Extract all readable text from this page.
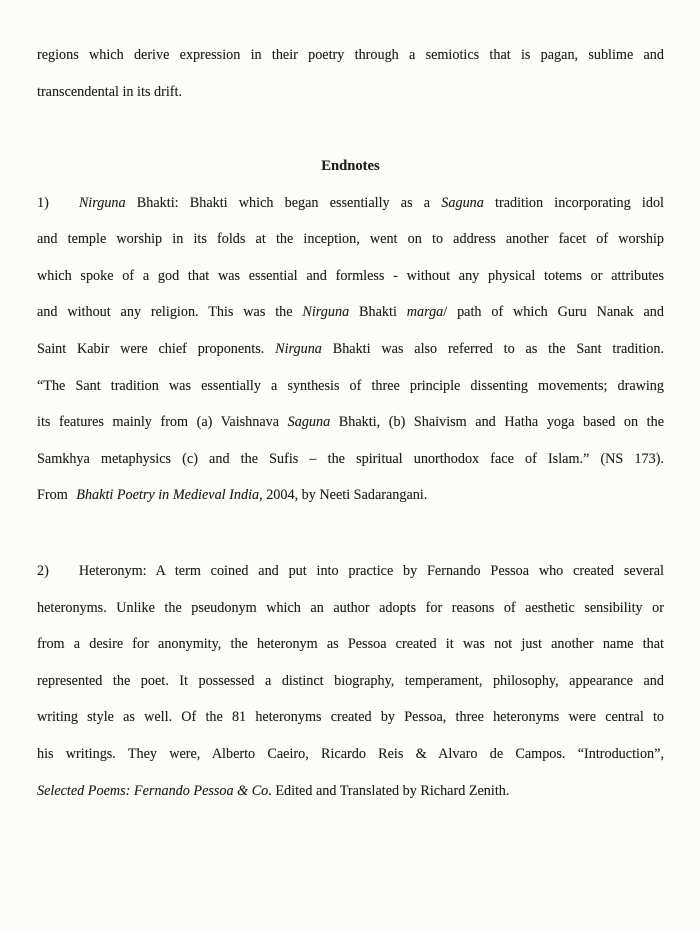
regions which derive expression in their poetry through a semiotics that is pagan, sublime and
transcendental in its drift.
Endnotes
1) Nirguna Bhakti: Bhakti which began essentially as a Saguna tradition incorporating idol
and temple worship in its folds at the inception, went on to address another facet of worship
which spoke of a god that was essential and formless - without any physical totems or attributes
and without any religion. This was the Nirguna Bhakti marga/ path of which Guru Nanak and
Saint Kabir were chief proponents. Nirguna Bhakti was also referred to as the Sant tradition.
“The Sant tradition was essentially a synthesis of three principle dissenting movements; drawing
its features mainly from (a) Vaishnava Saguna Bhakti, (b) Shaivism and Hatha yoga based on the
Samkhya metaphysics (c) and the Sufis – the spiritual unorthodox face of Islam.” (NS 173).
From Bhakti Poetry in Medieval India, 2004, by Neeti Sadarangani.
2) Heteronym: A term coined and put into practice by Fernando Pessoa who created several
heteronyms. Unlike the pseudonym which an author adopts for reasons of aesthetic sensibility or
from a desire for anonymity, the heteronym as Pessoa created it was not just another name that
represented the poet. It possessed a distinct biography, temperament, philosophy, appearance and
writing style as well. Of the 81 heteronyms created by Pessoa, three heteronyms were central to
his writings. They were, Alberto Caeiro, Ricardo Reis & Alvaro de Campos. “Introduction”,
Selected Poems: Fernando Pessoa & Co. Edited and Translated by Richard Zenith.
